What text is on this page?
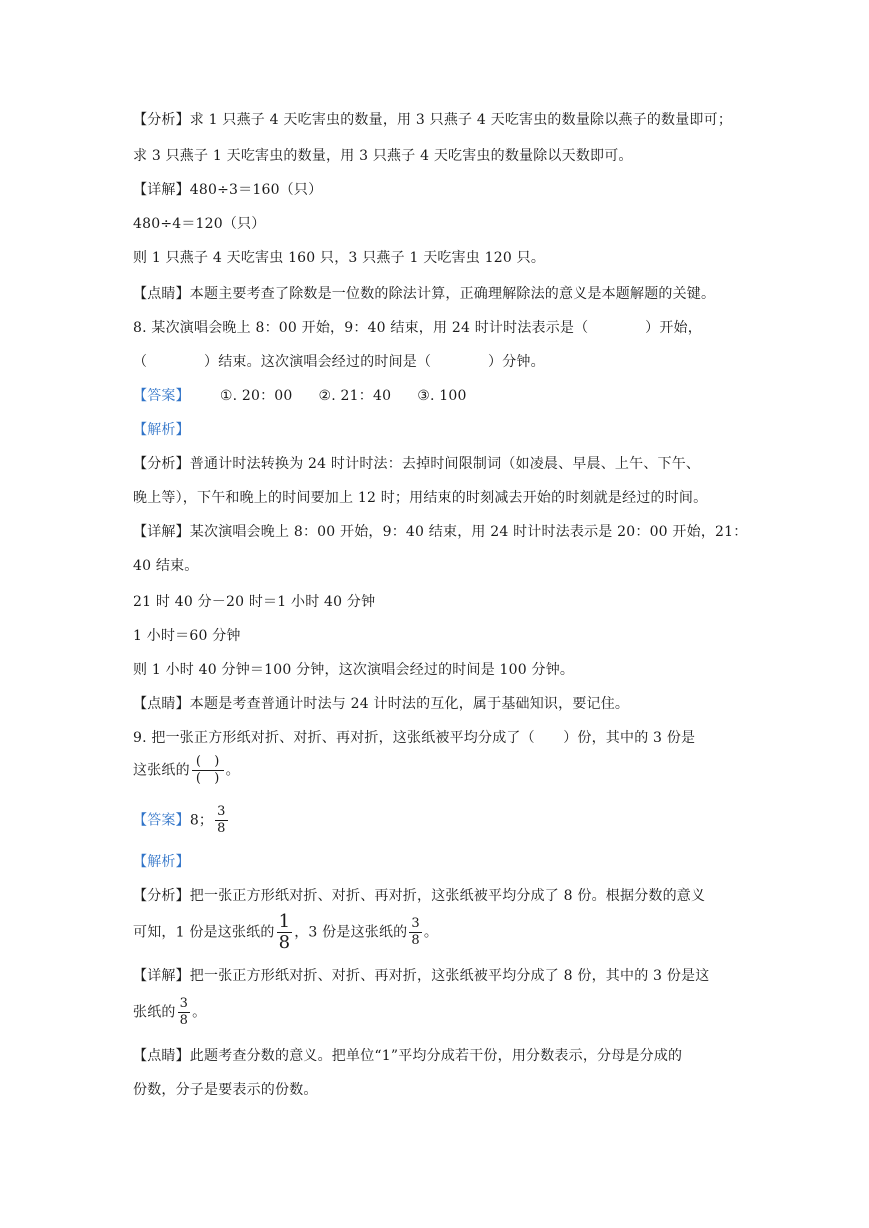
【分析】求 1 只燕子 4 天吃害虫的数量，用 3 只燕子 4 天吃害虫的数量除以燕子的数量即可；
求 3 只燕子 1 天吃害虫的数量，用 3 只燕子 4 天吃害虫的数量除以天数即可。
【详解】480÷3＝160（只）
480÷4＝120（只）
则 1 只燕子 4 天吃害虫 160 只，3 只燕子 1 天吃害虫 120 只。
【点睛】本题主要考查了除数是一位数的除法计算，正确理解除法的意义是本题解题的关键。
8. 某次演唱会晚上 8：00 开始，9：40 结束，用 24 时计时法表示是（　　　　）开始，
（　　　　）结束。这次演唱会经过的时间是（　　　　）分钟。
【答案】 ①. 20：00 ②. 21：40 ③. 100
【解析】
【分析】普通计时法转换为 24 时计时法：去掉时间限制词（如凌晨、早晨、上午、下午、
晚上等），下午和晚上的时间要加上 12 时；用结束的时刻减去开始的时刻就是经过的时间。
【详解】某次演唱会晚上 8：00 开始，9：40 结束，用 24 时计时法表示是 20：00 开始，21：
40 结束。
21 时 40 分－20 时＝1 小时 40 分钟
1 小时＝60 分钟
则 1 小时 40 分钟＝100 分钟，这次演唱会经过的时间是 100 分钟。
【点睛】本题是考查普通计时法与 24 计时法的互化，属于基础知识，要记住。
9. 把一张正方形纸对折、对折、再对折，这张纸被平均分成了（　　）份，其中的 3 份是
这张纸的 $\frac{( )}{( )}$ 。
【答案】8； $\frac{3}{8}$
【解析】
【分析】把一张正方形纸对折、对折、再对折，这张纸被平均分成了 8 份。根据分数的意义
可知，1 份是这张纸的 $\frac{1}{8}$ ，3 份是这张纸的 $\frac{3}{8}$ 。
【详解】把一张正方形纸对折、对折、再对折，这张纸被平均分成了 8 份，其中的 3 份是这
张纸的 $\frac{3}{8}$ 。
【点睛】此题考查分数的意义。把单位“1”平均分成若干份，用分数表示，分母是分成的
份数，分子是要表示的份数。
